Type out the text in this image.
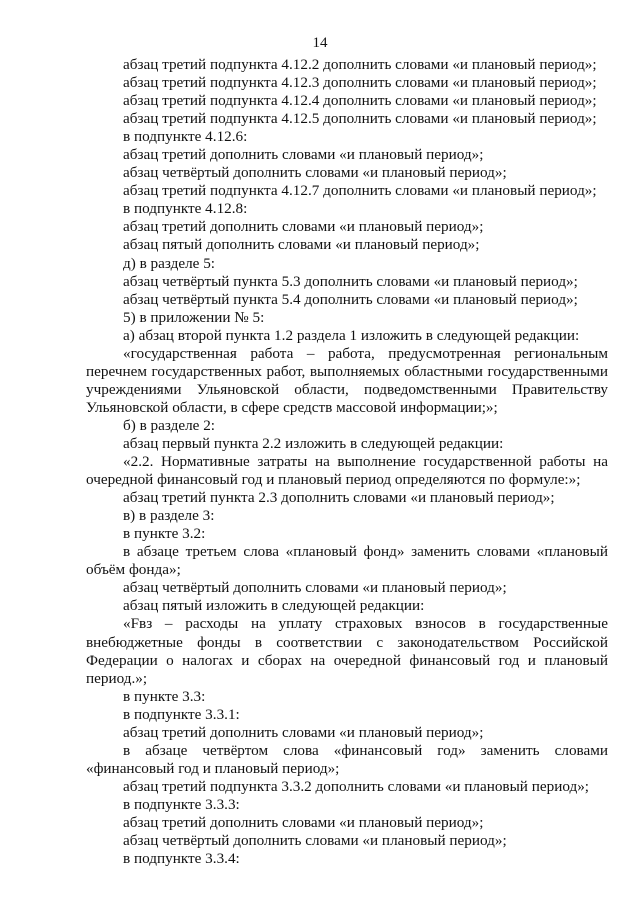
14

абзац третий подпункта 4.12.2 дополнить словами «и плановый период»;

абзац третий подпункта 4.12.3 дополнить словами «и плановый период»;

абзац третий подпункта 4.12.4 дополнить словами «и плановый период»;

абзац третий подпункта 4.12.5 дополнить словами «и плановый период»;

в подпункте 4.12.6:

абзац третий дополнить словами «и плановый период»;

абзац четвёртый дополнить словами «и плановый период»;

абзац третий подпункта 4.12.7 дополнить словами «и плановый период»;

в подпункте 4.12.8:

абзац третий дополнить словами «и плановый период»;

абзац пятый дополнить словами «и плановый период»;

д) в разделе 5:

абзац четвёртый пункта 5.3 дополнить словами «и плановый период»;

абзац четвёртый пункта 5.4 дополнить словами «и плановый период»;

5) в приложении № 5:

а) абзац второй пункта 1.2 раздела 1 изложить в следующей редакции:

«государственная работа – работа, предусмотренная региональным перечнем государственных работ, выполняемых областными государственными учреждениями Ульяновской области, подведомственными Правительству Ульяновской области, в сфере средств массовой информации;»;

б) в разделе 2:

абзац первый пункта 2.2 изложить в следующей редакции:

«2.2. Нормативные затраты на выполнение государственной работы на очередной финансовый год и плановый период определяются по формуле:»;

абзац третий пункта 2.3 дополнить словами «и плановый период»;

в) в разделе 3:

в пункте 3.2:

в абзаце третьем слова «плановый фонд» заменить словами «плановый объём фонда»;

абзац четвёртый дополнить словами «и плановый период»;

абзац пятый изложить в следующей редакции:

«Fвз – расходы на уплату страховых взносов в государственные внебюджетные фонды в соответствии с законодательством Российской Федерации о налогах и сборах на очередной финансовый год и плановый период.»;

в пункте 3.3:

в подпункте 3.3.1:

абзац третий дополнить словами «и плановый период»;

в абзаце четвёртом слова «финансовый год» заменить словами «финансовый год и плановый период»;

абзац третий подпункта 3.3.2 дополнить словами «и плановый период»;

в подпункте 3.3.3:

абзац третий дополнить словами «и плановый период»;

абзац четвёртый дополнить словами «и плановый период»;

в подпункте 3.3.4:
